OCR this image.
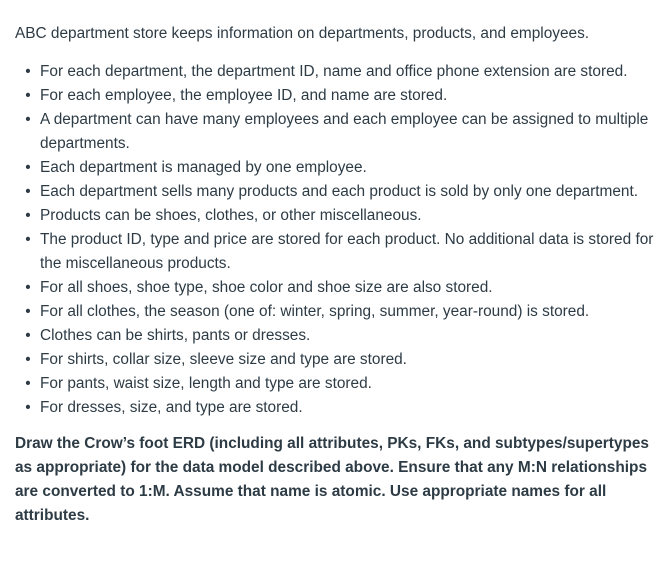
ABC department store keeps information on departments, products, and employees.

• For each department, the department ID, name and office phone extension are stored.
• For each employee, the employee ID, and name are stored.
• A department can have many employees and each employee can be assigned to multiple departments.
• Each department is managed by one employee.
• Each department sells many products and each product is sold by only one department.
• Products can be shoes, clothes, or other miscellaneous.
• The product ID, type and price are stored for each product. No additional data is stored for the miscellaneous products.
• For all shoes, shoe type, shoe color and shoe size are also stored.
• For all clothes, the season (one of: winter, spring, summer, year-round) is stored.
• Clothes can be shirts, pants or dresses.
• For shirts, collar size, sleeve size and type are stored.
• For pants, waist size, length and type are stored.
• For dresses, size, and type are stored.

Draw the Crow’s foot ERD (including all attributes, PKs, FKs, and subtypes/supertypes as appropriate) for the data model described above. Ensure that any M:N relationships are converted to 1:M. Assume that name is atomic. Use appropriate names for all attributes.
